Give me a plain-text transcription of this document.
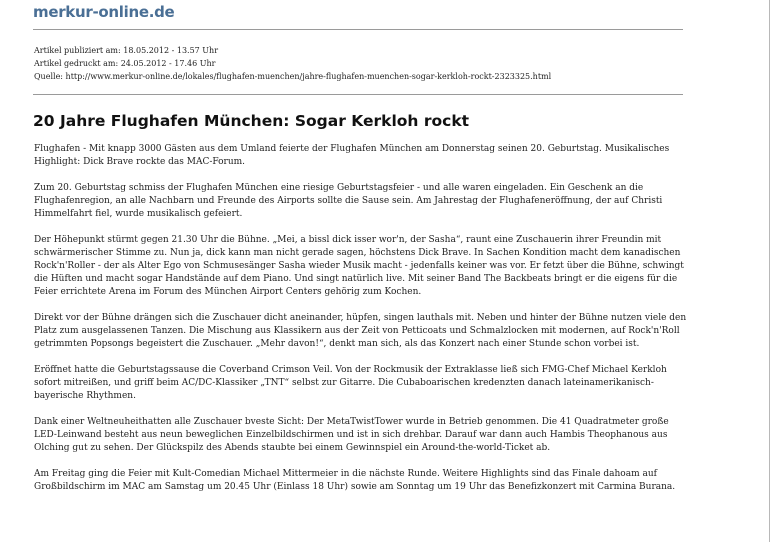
merkur-online.de
Artikel publiziert am: 18.05.2012 - 13.57 Uhr
Artikel gedruckt am: 24.05.2012 - 17.46 Uhr
Quelle: http://www.merkur-online.de/lokales/flughafen-muenchen/jahre-flughafen-muenchen-sogar-kerkloh-rockt-2323325.html
20 Jahre Flughafen München: Sogar Kerkloh rockt

Flughafen - Mit knapp 3000 Gästen aus dem Umland feierte der Flughafen München am Donnerstag seinen 20. Geburtstag. Musikalisches Highlight: Dick Brave rockte das MAC-Forum.

Zum 20. Geburtstag schmiss der Flughafen München eine riesige Geburtstagsfeier - und alle waren eingeladen. Ein Geschenk an die Flughafenregion, an alle Nachbarn und Freunde des Airports sollte die Sause sein. Am Jahrestag der Flughafeneröffnung, der auf Christi Himmelfahrt fiel, wurde musikalisch gefeiert.

Der Höhepunkt stürmt gegen 21.30 Uhr die Bühne. „Mei, a bissl dick isser wor'n, der Sasha“, raunt eine Zuschauerin ihrer Freundin mit schwärmerischer Stimme zu. Nun ja, dick kann man nicht gerade sagen, höchstens Dick Brave. In Sachen Kondition macht dem kanadischen Rock'n'Roller - der als Alter Ego von Schmusesänger Sasha wieder Musik macht - jedenfalls keiner was vor. Er fetzt über die Bühne, schwingt die Hüften und macht sogar Handstände auf dem Piano. Und singt natürlich live. Mit seiner Band The Backbeats bringt er die eigens für die Feier errichtete Arena im Forum des München Airport Centers gehörig zum Kochen.

Direkt vor der Bühne drängen sich die Zuschauer dicht aneinander, hüpfen, singen lauthals mit. Neben und hinter der Bühne nutzen viele den Platz zum ausgelassenen Tanzen. Die Mischung aus Klassikern aus der Zeit von Petticoats und Schmalzlocken mit modernen, auf Rock'n'Roll getrimmten Popsongs begeistert die Zuschauer. „Mehr davon!“, denkt man sich, als das Konzert nach einer Stunde schon vorbei ist.

Eröffnet hatte die Geburtstagssause die Coverband Crimson Veil. Von der Rockmusik der Extraklasse ließ sich FMG-Chef Michael Kerkloh sofort mitreißen, und griff beim AC/DC-Klassiker „TNT“ selbst zur Gitarre. Die Cubaboarischen kredenzten danach lateinamerikanisch-bayerische Rhythmen.

Dank einer Weltneuheithatten alle Zuschauer bveste Sicht: Der MetaTwistTower wurde in Betrieb genommen. Die 41 Quadratmeter große LED-Leinwand besteht aus neun beweglichen Einzelbildschirmen und ist in sich drehbar. Darauf war dann auch Hambis Theophanous aus Olching gut zu sehen. Der Glückspilz des Abends staubte bei einem Gewinnspiel ein Around-the-world-Ticket ab.

Am Freitag ging die Feier mit Kult-Comedian Michael Mittermeier in die nächste Runde. Weitere Highlights sind das Finale dahoam auf Großbildschirm im MAC am Samstag um 20.45 Uhr (Einlass 18 Uhr) sowie am Sonntag um 19 Uhr das Benefizkonzert mit Carmina Burana.
